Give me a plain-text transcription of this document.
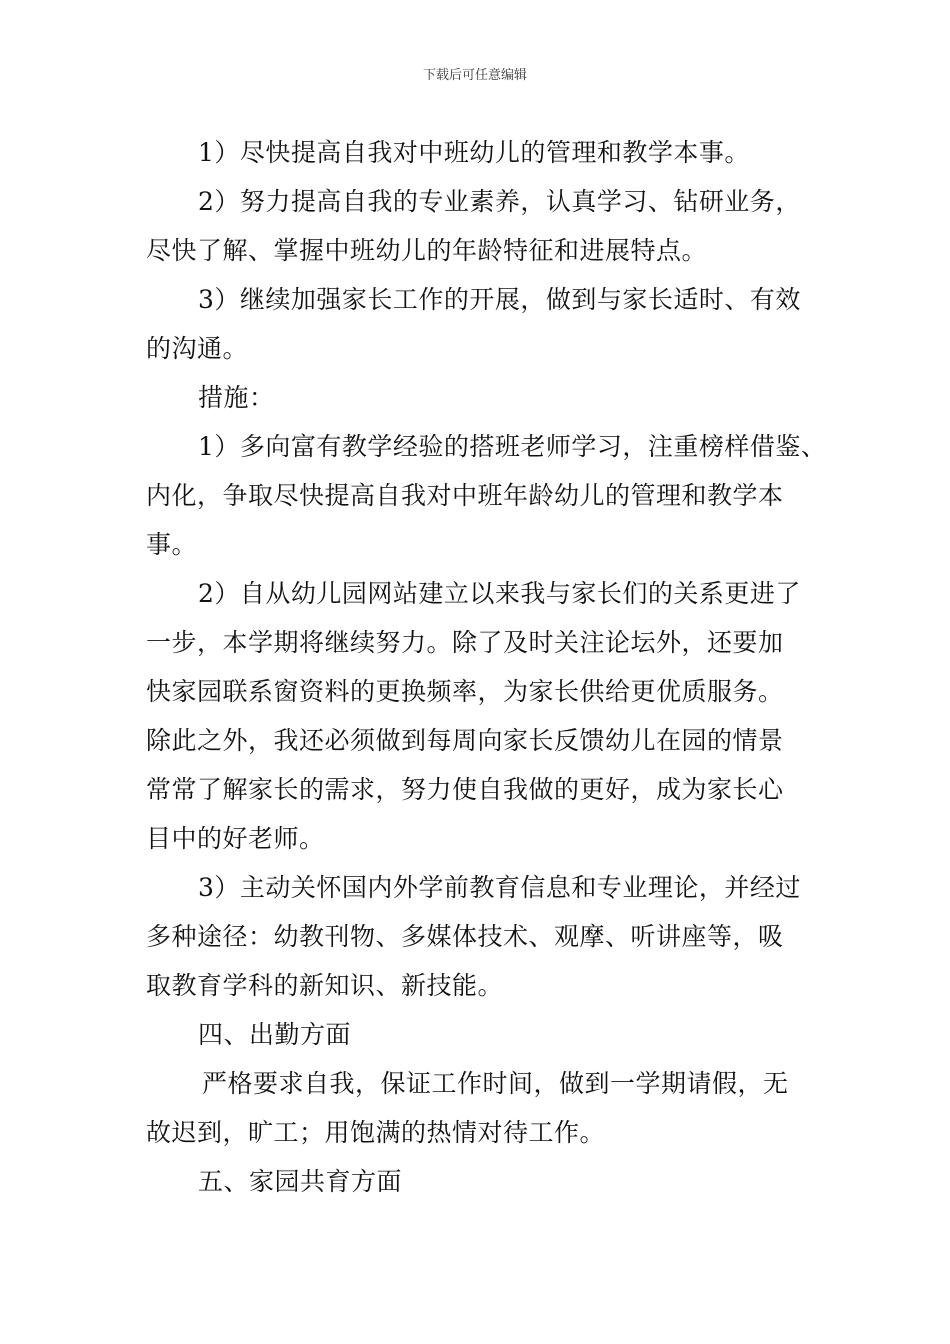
下载后可任意编辑
1）尽快提高自我对中班幼儿的管理和教学本事。
2）努力提高自我的专业素养，认真学习、钻研业务，
尽快了解、掌握中班幼儿的年龄特征和进展特点。
3）继续加强家长工作的开展，做到与家长适时、有效
的沟通。
措施：
1）多向富有教学经验的搭班老师学习，注重榜样借鉴、
内化，争取尽快提高自我对中班年龄幼儿的管理和教学本
事。
2）自从幼儿园网站建立以来我与家长们的关系更进了
一步，本学期将继续努力。除了及时关注论坛外，还要加
快家园联系窗资料的更换频率，为家长供给更优质服务。
除此之外，我还必须做到每周向家长反馈幼儿在园的情景
常常了解家长的需求，努力使自我做的更好，成为家长心
目中的好老师。
3）主动关怀国内外学前教育信息和专业理论，并经过
多种途径：幼教刊物、多媒体技术、观摩、听讲座等，吸
取教育学科的新知识、新技能。
四、出勤方面
严格要求自我，保证工作时间，做到一学期请假，无
故迟到，旷工；用饱满的热情对待工作。
五、家园共育方面
